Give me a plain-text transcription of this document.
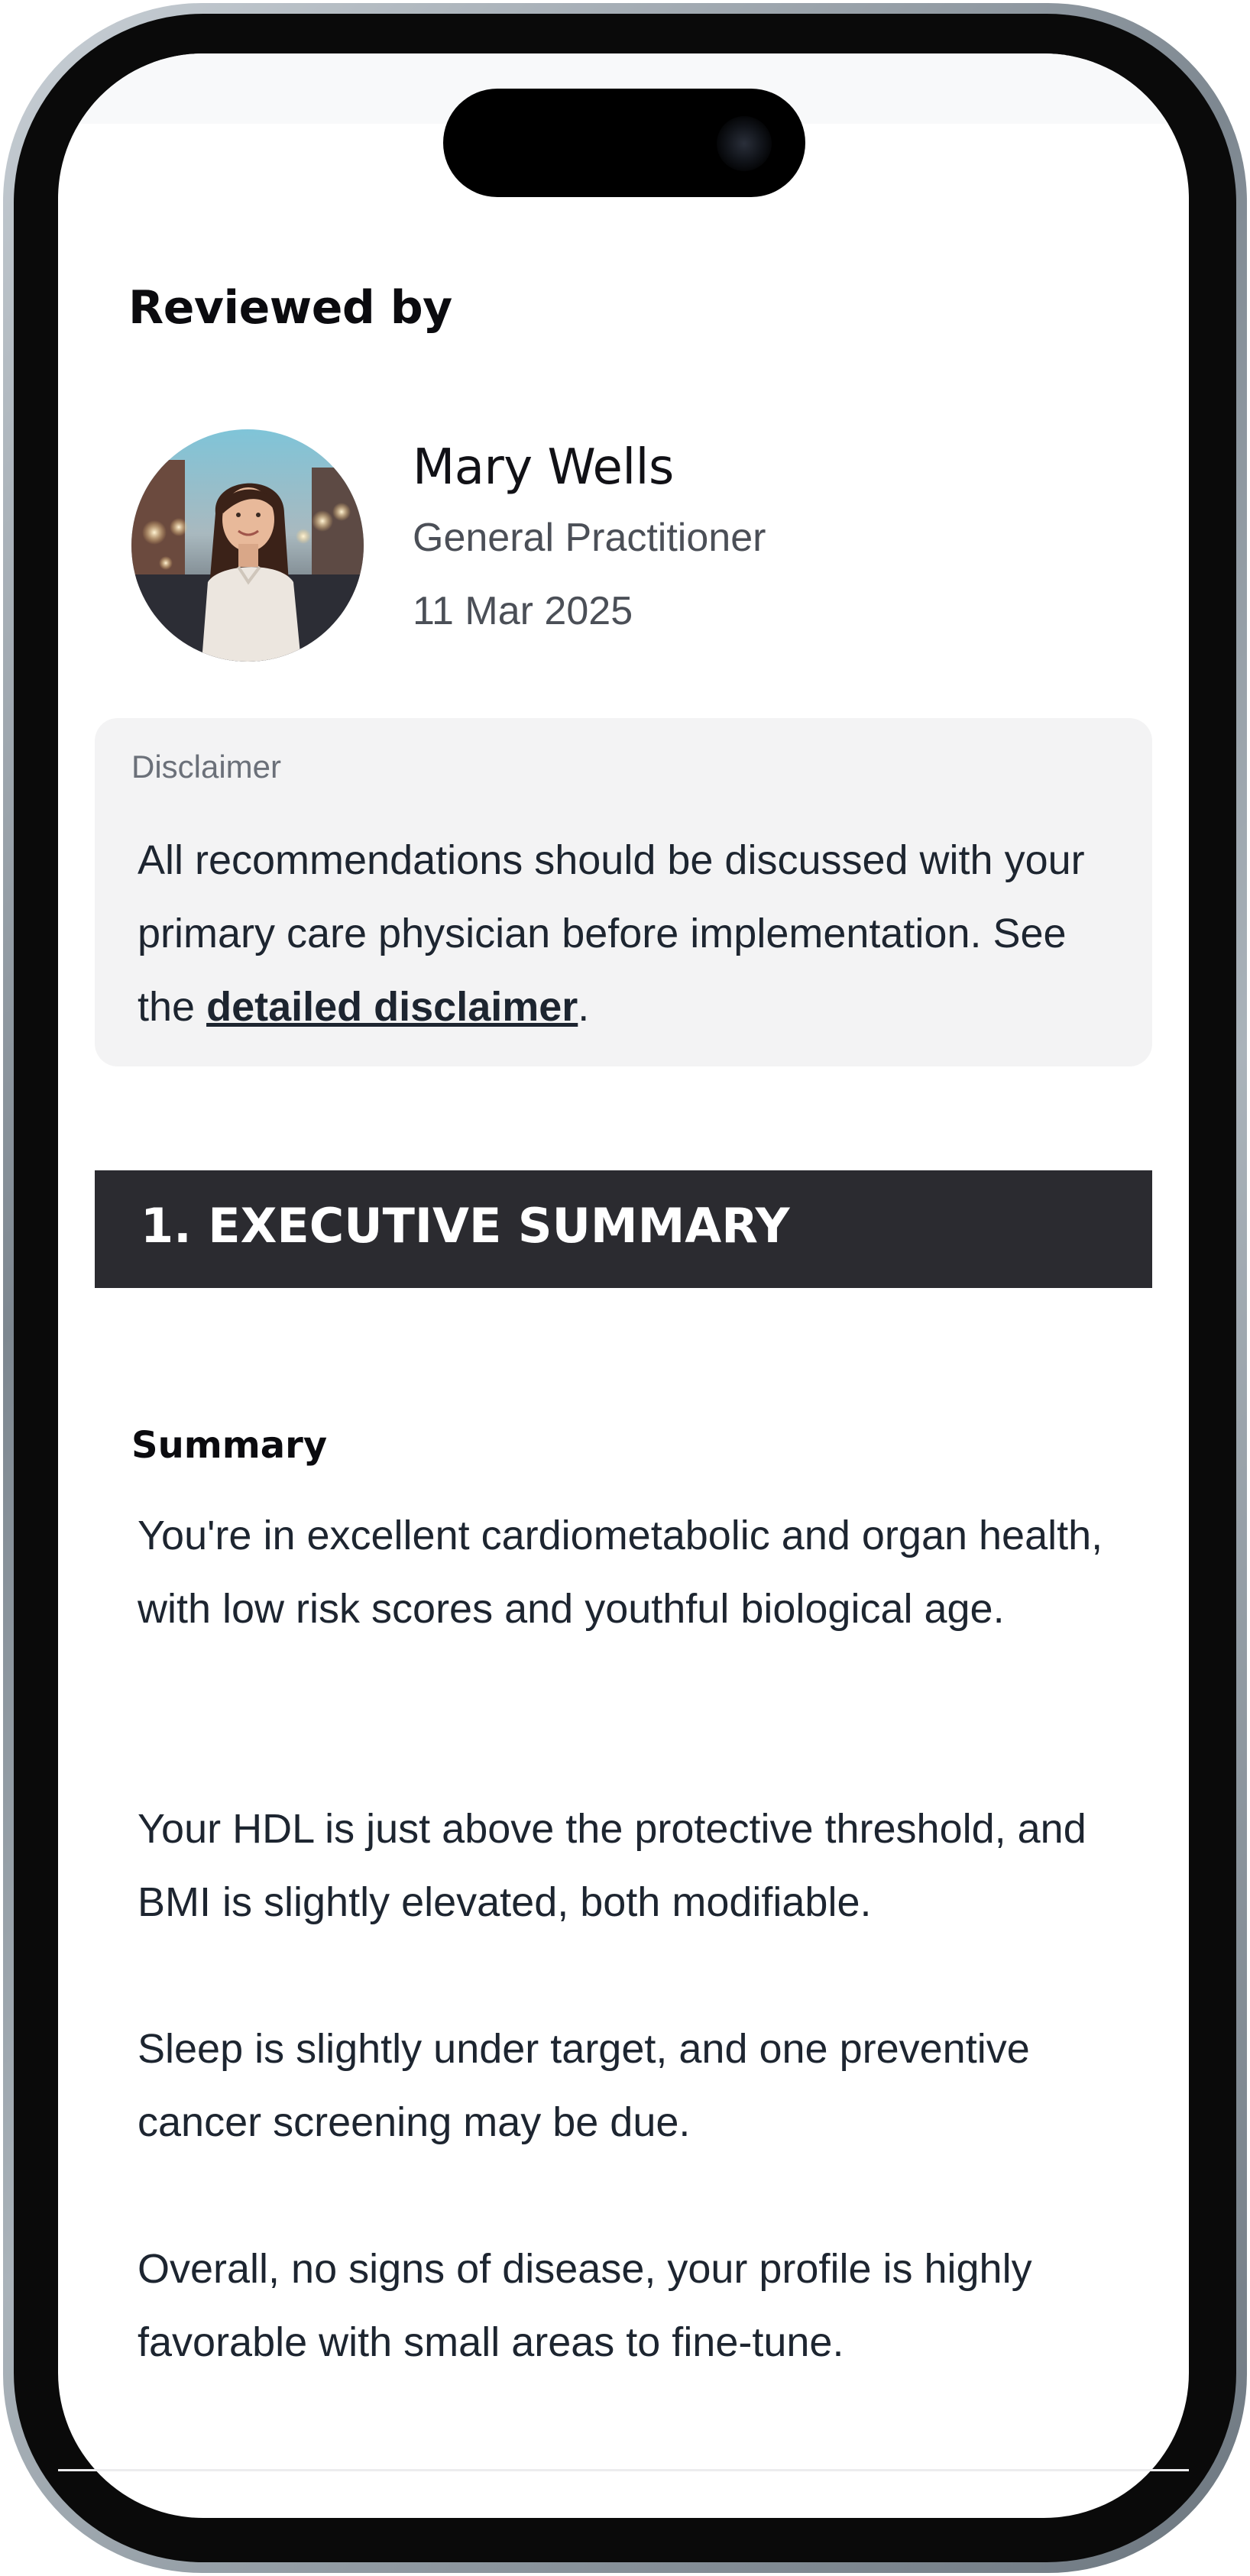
Reviewed by
Mary Wells
General Practitioner
11 Mar 2025
Disclaimer
All recommendations should be discussed with your primary care physician before implementation. See the detailed disclaimer.
1. EXECUTIVE SUMMARY
Summary

You're in excellent cardiometabolic and organ health, with low risk scores and youthful biological age.

Your HDL is just above the protective threshold, and BMI is slightly elevated, both modifiable.

Sleep is slightly under target, and one preventive cancer screening may be due.

Overall, no signs of disease, your profile is highly favorable with small areas to fine-tune.
